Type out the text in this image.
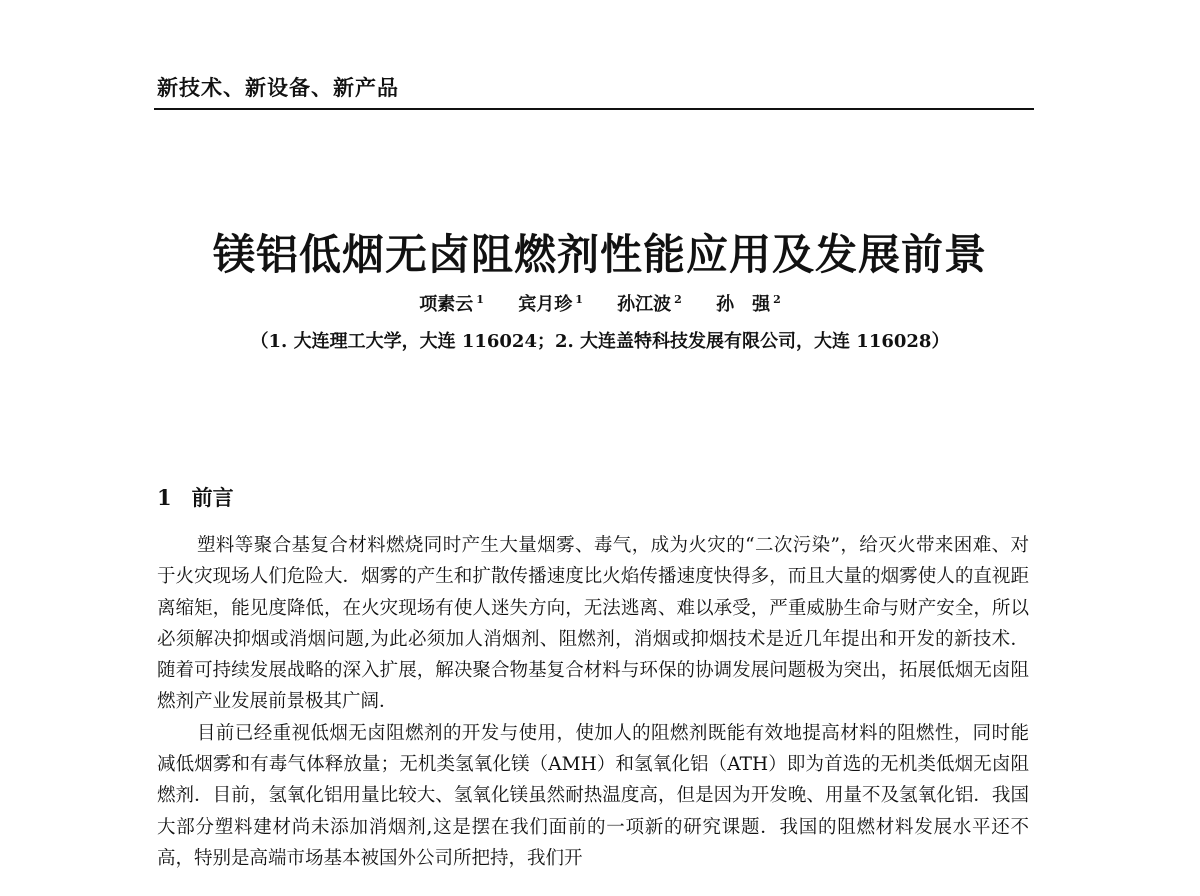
新技术、新设备、新产品
镁铝低烟无卤阻燃剂性能应用及发展前景
项素云 $^1$ 宾月珍 $^1$ 孙江波 $^2$ 孙　强 $^2$
（1. 大连理工大学，大连 116024；2. 大连盖特科技发展有限公司，大连 116028）
1 前言

塑料等聚合基复合材料燃烧同时产生大量烟雾、毒气，成为火灾的“二次污染”，给灭火带来困难、对于火灾现场人们危险大．烟雾的产生和扩散传播速度比火焰传播速度快得多，而且大量的烟雾使人的直视距离缩矩，能见度降低，在火灾现场有使人迷失方向，无法逃离、难以承受，严重威胁生命与财产安全，所以必须解决抑烟或消烟问题,为此必须加人消烟剂、阻燃剂，消烟或抑烟技术是近几年提出和开发的新技术．随着可持续发展战略的深入扩展，解决聚合物基复合材料与环保的协调发展问题极为突出，拓展低烟无卤阻燃剂产业发展前景极其广阔．

目前已经重视低烟无卤阻燃剂的开发与使用，使加人的阻燃剂既能有效地提高材料的阻燃性，同时能减低烟雾和有毒气体释放量；无机类氢氧化镁（AMH）和氢氧化铝（ATH）即为首选的无机类低烟无卤阻燃剂．目前，氢氧化铝用量比较大、氢氧化镁虽然耐热温度高，但是因为开发晚、用量不及氢氧化铝．我国大部分塑料建材尚未添加消烟剂,这是摆在我们面前的一项新的研究课题．我国的阻燃材料发展水平还不高，特别是高端市场基本被国外公司所把持，我们开
